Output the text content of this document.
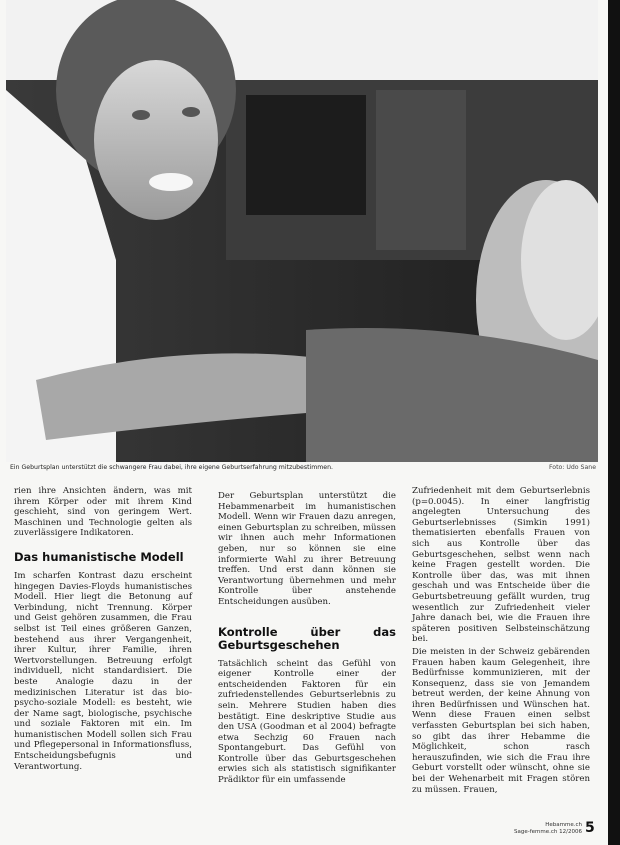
Ein Geburtsplan unterstützt die schwangere Frau dabei, ihre eigene Geburtserfahrung mitzubestimmen.	Foto: Udo Sane

rien ihre Ansichten ändern, was mit ihrem Körper oder mit ihrem Kind geschieht, sind von geringem Wert. Maschinen und Technologie gelten als zuverlässigere Indikatoren.

Das humanistische Modell

Im scharfen Kontrast dazu erscheint hingegen Davies-Floyds humanistisches Modell. Hier liegt die Betonung auf Verbindung, nicht Trennung. Körper und Geist gehören zusammen, die Frau selbst ist Teil eines größeren Ganzen, bestehend aus ihrer Vergangenheit, ihrer Kultur, ihrer Familie, ihren Wertvorstellungen. Betreuung erfolgt individuell, nicht standardisiert. Die beste Analogie dazu in der medizinischen Literatur ist das bio-psycho-soziale Modell: es besteht, wie der Name sagt, biologische, psychische und soziale Faktoren mit ein. Im humanistischen Modell sollen sich Frau und Pflegepersonal in Informationsfluss, Entscheidungsbefugnis und Verantwortung.

Der Geburtsplan unterstützt die Hebammenarbeit im humanistischen Modell. Wenn wir Frauen dazu anregen, einen Geburtsplan zu schreiben, müssen wir ihnen auch mehr Informationen geben, nur so können sie eine informierte Wahl zu ihrer Betreuung treffen. Und erst dann können sie Verantwortung übernehmen und mehr Kontrolle über anstehende Entscheidungen ausüben.

Kontrolle über das Geburtsgeschehen

Tatsächlich scheint das Gefühl von eigener Kontrolle einer der entscheidenden Faktoren für ein zufriedenstellendes Geburtserlebnis zu sein. Mehrere Studien haben dies bestätigt. Eine deskriptive Studie aus den USA (Goodman et al 2004) befragte etwa Sechzig 60 Frauen nach Spontangeburt. Das Gefühl von Kontrolle über das Geburtsgeschehen erwies sich als statistisch signifikanter Prädiktor für ein umfassende

Zufriedenheit mit dem Geburtserlebnis (p=0.0045). In einer langfristig angelegten Untersuchung des Geburtserlebnisses (Simkin 1991) thematisierten ebenfalls Frauen von sich aus Kontrolle über das Geburtsgeschehen, selbst wenn nach keine Fragen gestellt worden. Die Kontrolle über das, was mit ihnen geschah und was Entscheide über die Geburtsbetreuung gefällt wurden, trug wesentlich zur Zufriedenheit vieler Jahre danach bei, wie die Frauen ihre späteren positiven Selbsteinschätzung bei.

Die meisten in der Schweiz gebärenden Frauen haben kaum Gelegenheit, ihre Bedürfnisse kommunizieren, mit der Konsequenz, dass sie von Jemandem betreut werden, der keine Ahnung von ihren Bedürfnissen und Wünschen hat. Wenn diese Frauen einen selbst verfassten Geburtsplan bei sich haben, so gibt das ihrer Hebamme die Möglichkeit, schon rasch herauszufinden, wie sich die Frau ihre Geburt vorstellt oder wünscht, ohne sie bei der Wehenarbeit mit Fragen stören zu müssen. Frauen,

Hebamme.ch
Sage-femme.ch 12/2006 5
